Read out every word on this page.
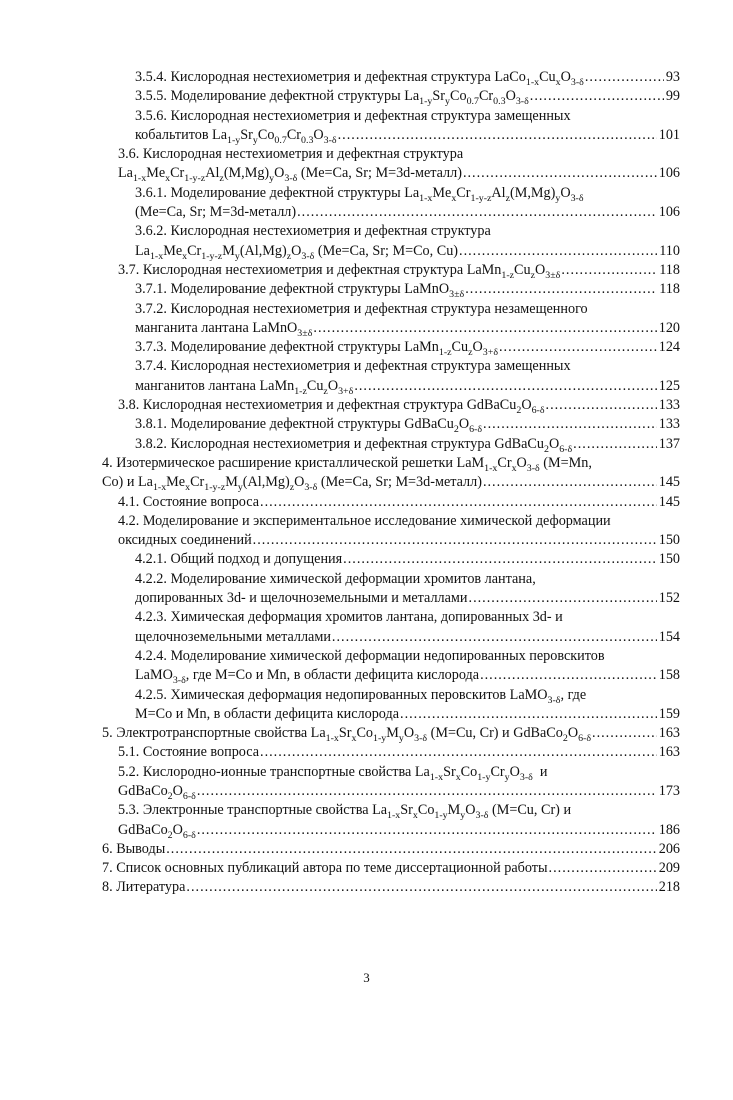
3.5.4. Кислородная нестехиометрия и дефектная структура $LaCo_{1-x}Cu_xO_{3-\delta}$ .....	93
3.5.5. Моделирование дефектной структуры $La_{1-y}Sr_yCo_{0.7}Cr_{0.3}O_{3-\delta}$ .....	99
3.5.6. Кислородная нестехиометрия и дефектная структура замещенных
кобальтитов $La_{1-y}Sr_yCo_{0.7}Cr_{0.3}O_{3-\delta}$ .....	101
3.6. Кислородная нестехиометрия и дефектная структура
$La_{1-x}Me_xCr_{1-y-z}Al_z(M,Mg)_yO_{3-\delta}$ (Me=Ca, Sr; M=3d-металл) .....	106
3.6.1. Моделирование дефектной структуры $La_{1-x}Me_xCr_{1-y-z}Al_z(M,Mg)_yO_{3-\delta}$
(Me=Ca, Sr; M=3d-металл) .....	106
3.6.2. Кислородная нестехиометрия и дефектная структура
$La_{1-x}Me_xCr_{1-y-z}M_y(Al,Mg)_zO_{3-\delta}$ (Me=Ca, Sr; M=Co, Cu) .....	110
3.7. Кислородная нестехиометрия и дефектная структура $LaMn_{1-z}Cu_zO_{3\pm\delta}$ .....	118
3.7.1. Моделирование дефектной структуры LaMnO$_{3\pm\delta}$ .....	118
3.7.2. Кислородная нестехиометрия и дефектная структура незамещенного
манганита лантана LaMnO$_{3\pm\delta}$ .....	120
3.7.3. Моделирование дефектной структуры $LaMn_{1-z}Cu_zO_{3+\delta}$ .....	124
3.7.4. Кислородная нестехиометрия и дефектная структура замещенных
манганитов лантана $LaMn_{1-z}Cu_zO_{3+\delta}$ .....	125
3.8. Кислородная нестехиометрия и дефектная структура $GdBaCu_2O_{6-\delta}$ .....	133
3.8.1. Моделирование дефектной структуры $GdBaCu_2O_{6-\delta}$ .....	133
3.8.2. Кислородная нестехиометрия и дефектная структура $GdBaCu_2O_{6-\delta}$ .....	137
4. Изотермическое расширение кристаллической решетки $LaM_{1-x}Cr_xO_{3-\delta}$ (M=Mn,
Co) и $La_{1-x}Me_xCr_{1-y-z}M_y(Al,Mg)_zO_{3-\delta}$ (Me=Ca, Sr; M=3d-металл) .....	145
4.1. Состояние вопроса .....	145
4.2. Моделирование и экспериментальное исследование химической деформации
оксидных соединений .....	150
4.2.1. Общий подход и допущения .....	150
4.2.2. Моделирование химической деформации хромитов лантана,
допированных 3d- и щелочноземельными и металлами .....	152
4.2.3. Химическая деформация хромитов лантана, допированных 3d- и
щелочноземельными металлами .....	154
4.2.4. Моделирование химической деформации недопированных перовскитов
LaMO$_{3-\delta}$, где M=Co и Mn, в области дефицита кислорода .....	158
4.2.5. Химическая деформация недопированных перовскитов LaMO$_{3-\delta}$, где
M=Co и Mn, в области дефицита кислорода .....	159
5. Электротранспортные свойства $La_{1-x}Sr_xCo_{1-y}M_yO_{3-\delta}$ (M=Cu, Cr) и $GdBaCo_2O_{6-\delta}$ .....	163
5.1. Состояние вопроса .....	163
5.2. Кислородно-ионные транспортные свойства $La_{1-x}Sr_xCo_{1-y}Cr_yO_{3-\delta}$  и
$GdBaCo_2O_{6-\delta}$ .....	173
5.3. Электронные транспортные свойства $La_{1-x}Sr_xCo_{1-y}M_yO_{3-\delta}$ (M=Cu, Cr) и
$GdBaCo_2O_{6-\delta}$ .....	186
6. Выводы .....	206
7. Список основных публикаций автора по теме диссертационной работы .....	209
8. Литература .....	218
3
